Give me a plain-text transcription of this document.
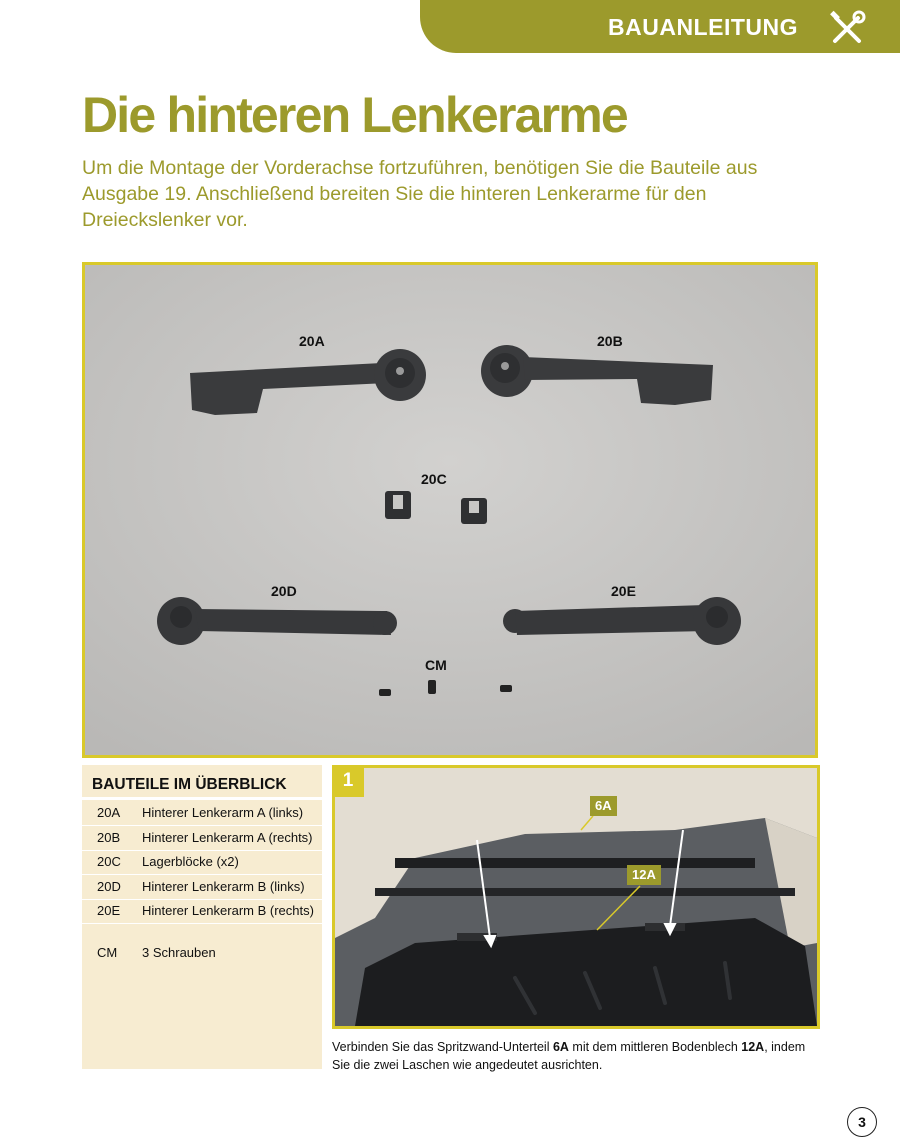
BAUANLEITUNG
Die hinteren Lenkerarme

Um die Montage der Vorderachse fortzuführen, benötigen Sie die Bauteile aus Ausgabe 19. Anschließend bereiten Sie die hinteren Lenkerarme für den Dreieckslenker vor.

20A	20B
20C
20D	20E
CM
BAUTEILE IM ÜBERBLICK
20A Hinterer Lenkerarm A (links)
20B Hinterer Lenkerarm A (rechts)
20C Lagerblöcke (x2)
20D Hinterer Lenkerarm B (links)
20E Hinterer Lenkerarm B (rechts)
CM 3 Schrauben
6A
12A
1

Verbinden Sie das Spritzwand-Unterteil 6A mit dem mittleren Bodenblech 12A, indem Sie die zwei Laschen wie angedeutet ausrichten.

3
